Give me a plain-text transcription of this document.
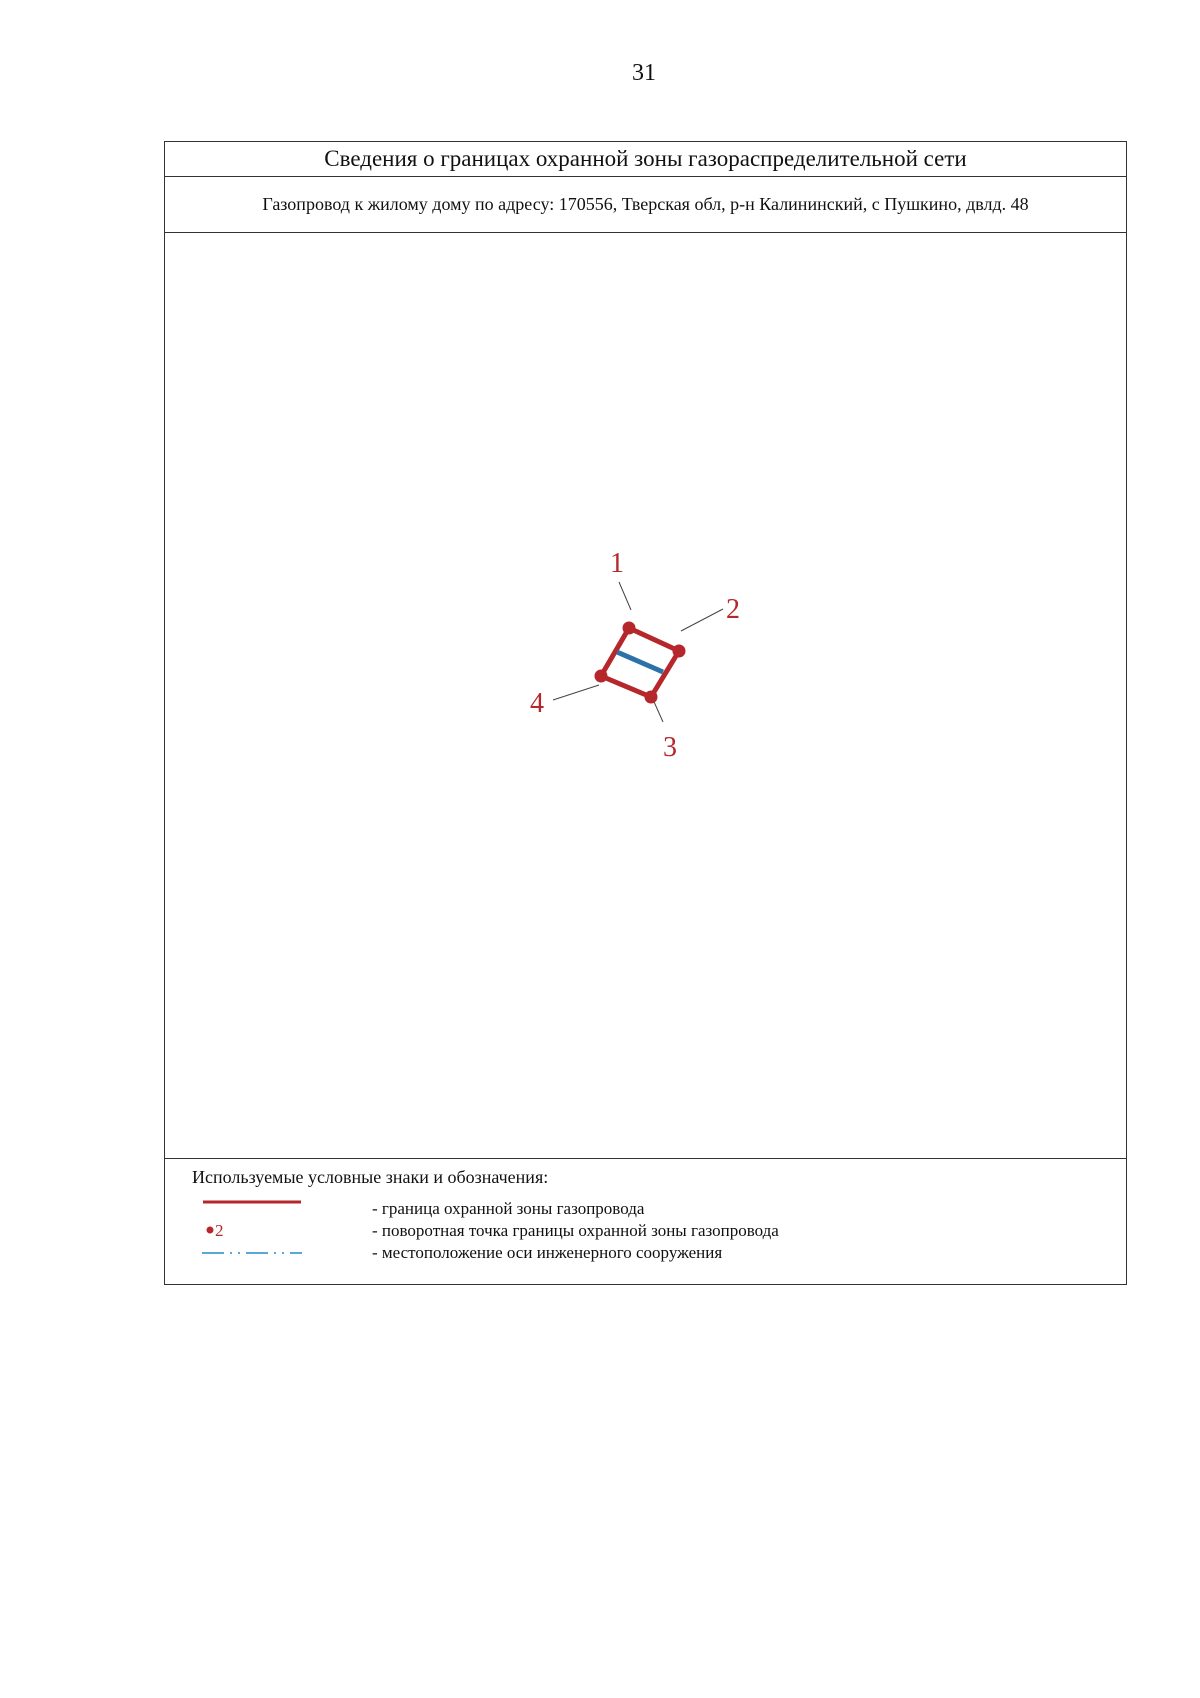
31
Сведения о границах охранной зоны газораспределительной сети
Газопровод к жилому дому по адресу: 170556, Тверская обл, р-н Калининский, с Пушкино, двлд. 48
1
2
3
4
Используемые условные знаки и обозначения:
- граница охранной зоны газопровода
2	- поворотная точка границы охранной зоны газопровода
- местоположение оси инженерного сооружения
